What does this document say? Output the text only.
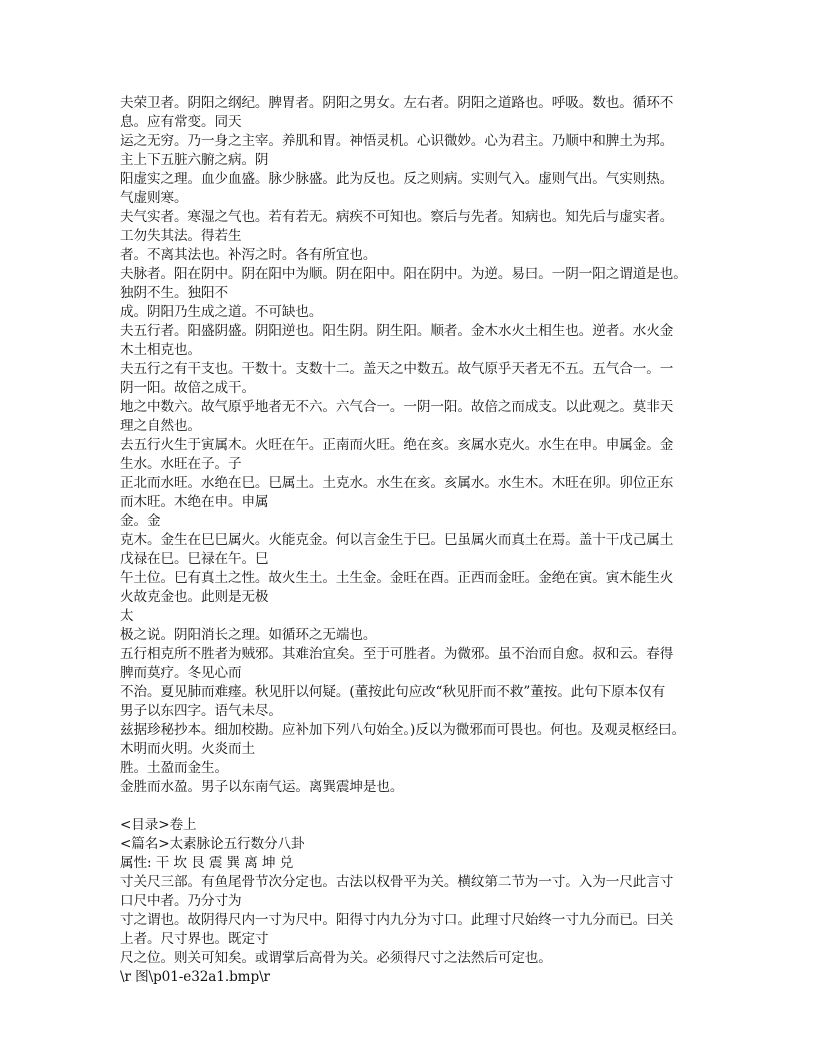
夫荣卫者。阴阳之纲纪。脾胃者。阴阳之男女。左右者。阴阳之道路也。呼吸。数也。循环不

息。应有常变。同天

运之无穷。乃一身之主宰。养肌和胃。神悟灵机。心识微妙。心为君主。乃顺中和脾土为邦。

主上下五脏六腑之病。阴

阳虚实之理。血少血盛。脉少脉盛。此为反也。反之则病。实则气入。虚则气出。气实则热。

气虚则寒。

夫气实者。寒湿之气也。若有若无。病疾不可知也。察后与先者。知病也。知先后与虚实者。

工勿失其法。得若生

者。不离其法也。补泻之时。各有所宜也。

夫脉者。阳在阴中。阴在阳中为顺。阴在阳中。阳在阴中。为逆。易曰。一阴一阳之谓道是也。

独阴不生。独阳不

成。阴阳乃生成之道。不可缺也。

夫五行者。阳盛阴盛。阴阳逆也。阳生阴。阴生阳。顺者。金木水火土相生也。逆者。水火金

木土相克也。

夫五行之有干支也。干数十。支数十二。盖天之中数五。故气原乎天者无不五。五气合一。一

阴一阳。故倍之成干。

地之中数六。故气原乎地者无不六。六气合一。一阴一阳。故倍之而成支。以此观之。莫非天

理之自然也。

去五行火生于寅属木。火旺在午。正南而火旺。绝在亥。亥属水克火。水生在申。申属金。金

生水。水旺在子。子

正北而水旺。水绝在巳。巳属土。土克水。水生在亥。亥属水。水生木。木旺在卯。卯位正东

而木旺。木绝在申。申属

金。金

克木。金生在巳巳属火。火能克金。何以言金生于巳。巳虽属火而真土在焉。盖十干戊己属土

戊禄在巳。巳禄在午。巳

午土位。巳有真土之性。故火生土。土生金。金旺在酉。正西而金旺。金绝在寅。寅木能生火

火故克金也。此则是无极

太

极之说。阴阳消长之理。如循环之无端也。

五行相克所不胜者为贼邪。其难治宜矣。至于可胜者。为微邪。虽不治而自愈。叔和云。春得

脾而莫疗。冬见心而

不治。夏见肺而难瘗。秋见肝以何疑。(董按此句应改“秋见肝而不救”董按。此句下原本仅有

男子以东四字。语气未尽。

兹据珍秘抄本。细加校勘。应补加下列八句始全。)反以为微邪而可畏也。何也。及观灵枢经曰。

木明而火明。火炎而土

胜。土盈而金生。

金胜而水盈。男子以东南气运。离巽震坤是也。

<目录>卷上

<篇名>太素脉论五行数分八卦

属性: 干 坎 艮 震 巽 离 坤 兑

寸关尺三部。有鱼尾骨节次分定也。古法以权骨平为关。横纹第二节为一寸。入为一尺此言寸

口尺中者。乃分寸为

寸之谓也。故阴得尺内一寸为尺中。阳得寸内九分为寸口。此理寸尺始终一寸九分而已。曰关

上者。尺寸界也。既定寸

尺之位。则关可知矣。或谓掌后高骨为关。必须得尺寸之法然后可定也。

\r 图\p01-e32a1.bmp\r
